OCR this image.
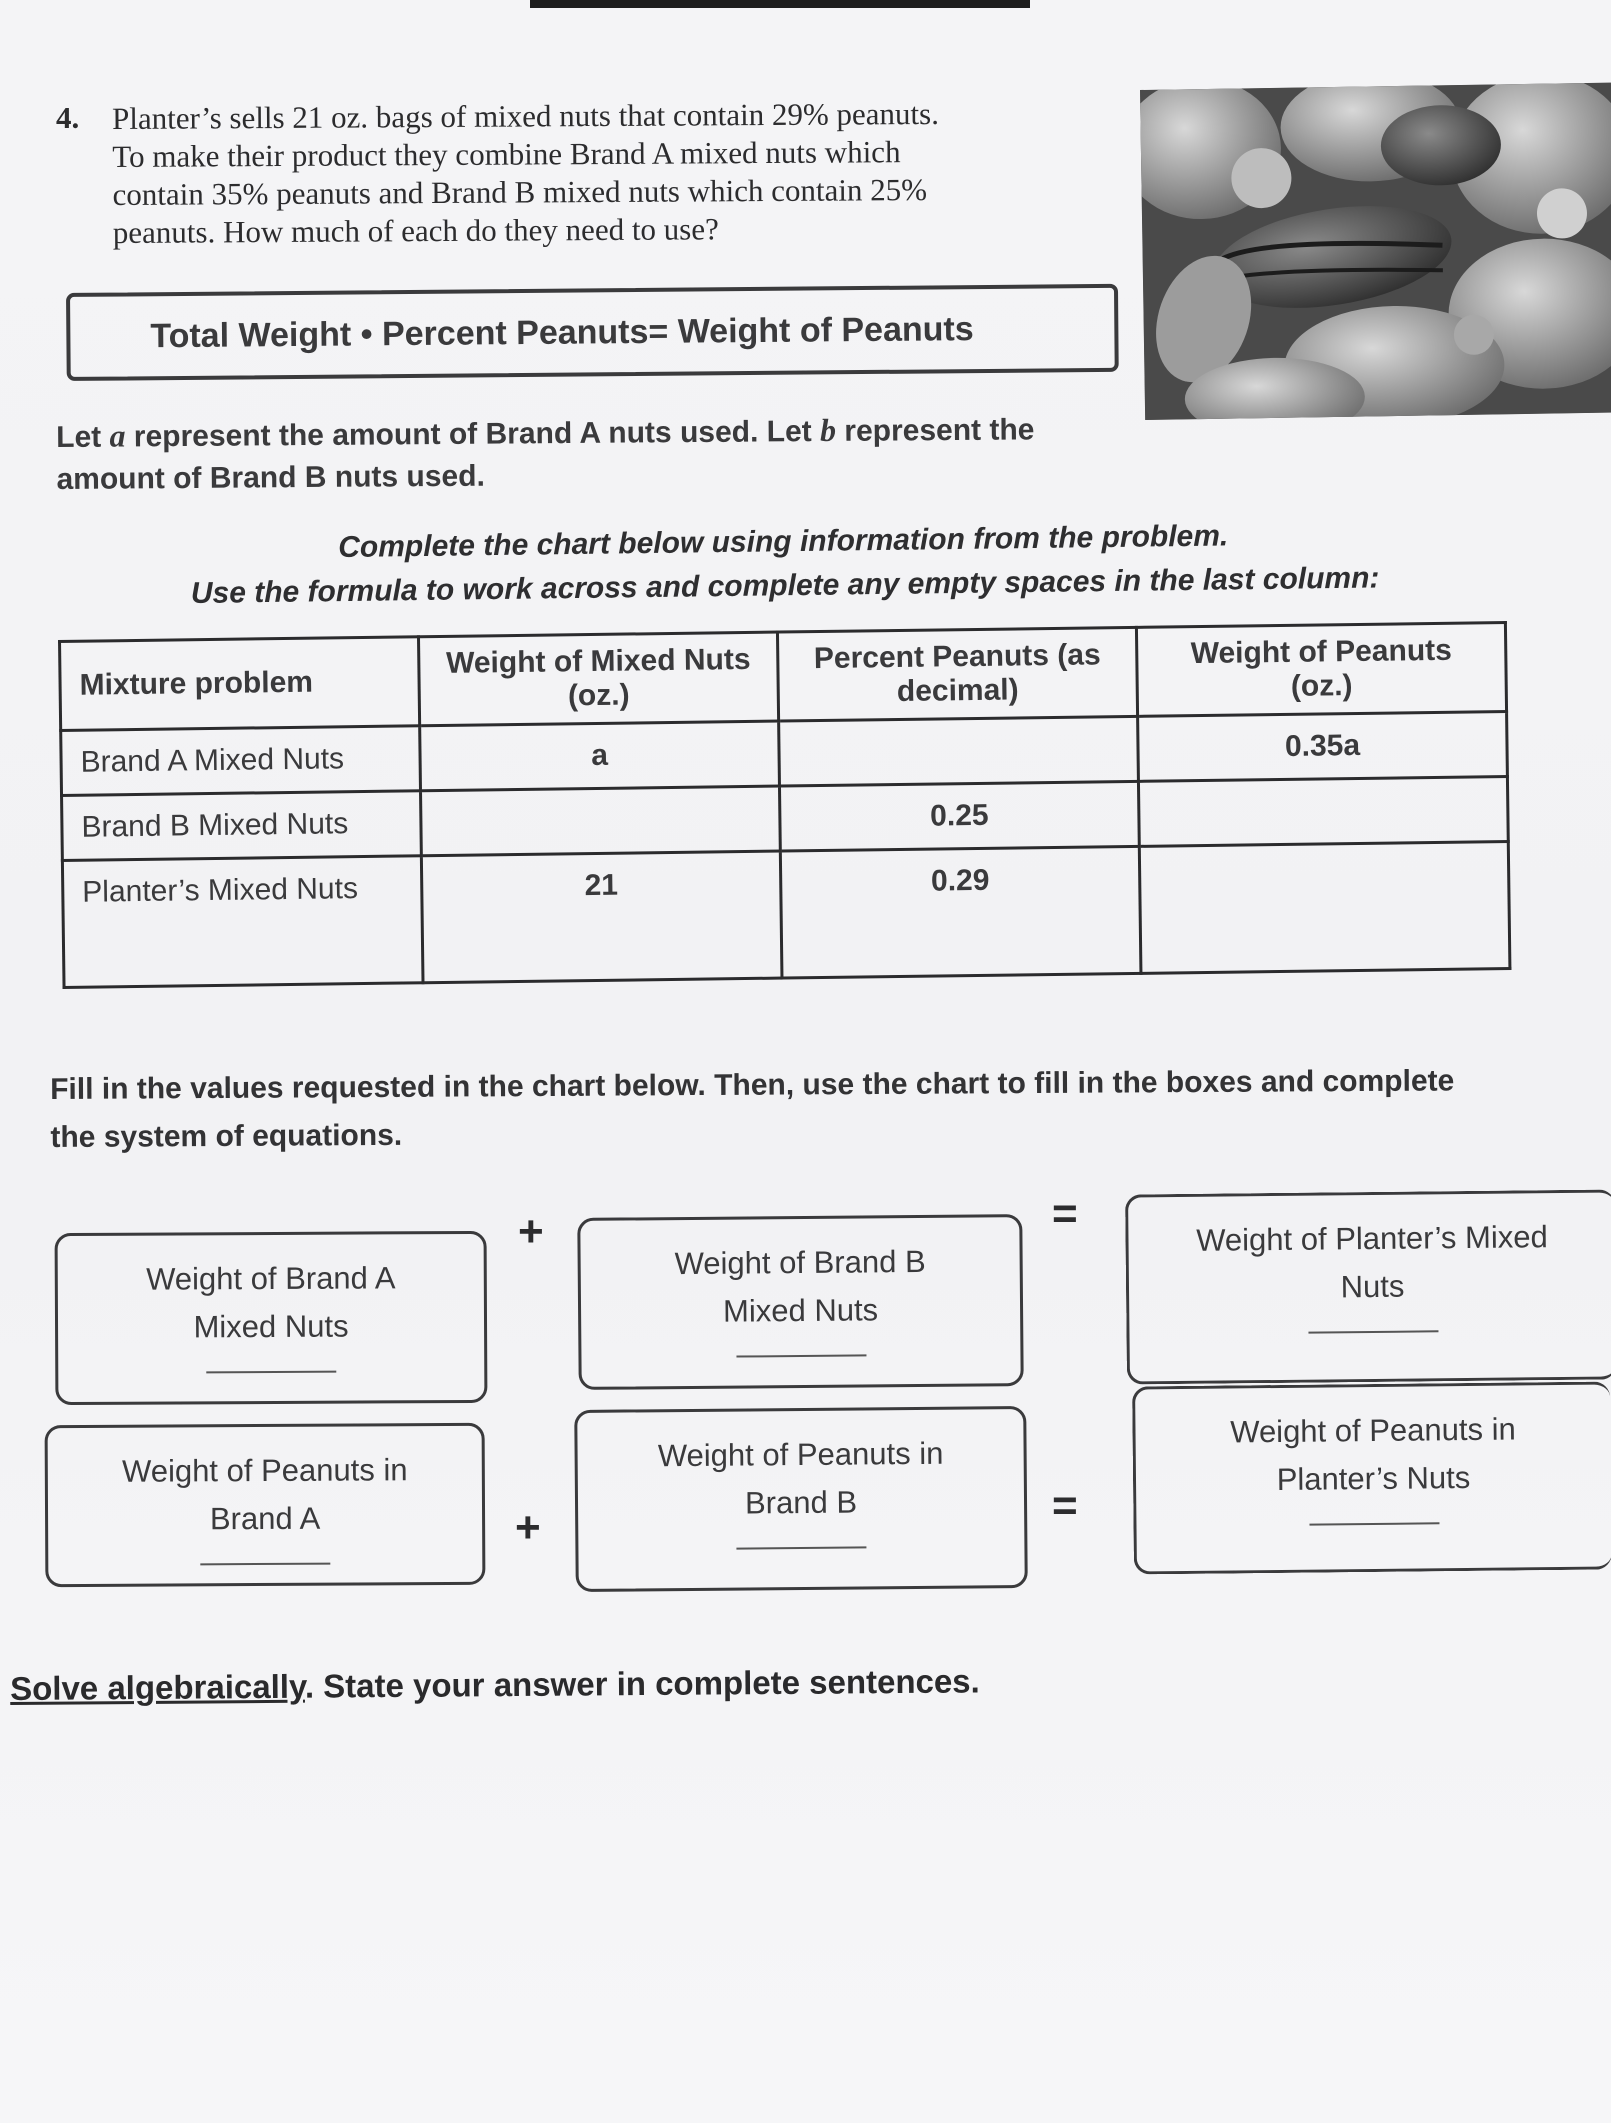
4. Planter’s sells 21 oz. bags of mixed nuts that contain 29% peanuts.
To make their product they combine Brand A mixed nuts which
contain 35% peanuts and Brand B mixed nuts which contain 25%
peanuts. How much of each do they need to use?
Total Weight • Percent Peanuts= Weight of Peanuts
Let a represent the amount of Brand A nuts used. Let b represent the
amount of Brand B nuts used.
Complete the chart below using information from the problem.
Use the formula to work across and complete any empty spaces in the last column:
Mixture problem	Weight of Mixed Nuts (oz.)	Percent Peanuts (as decimal)	Weight of Peanuts (oz.)
Brand A Mixed Nuts	a		0.35a
Brand B Mixed Nuts		0.25	
Planter’s Mixed Nuts	21	0.29	
Fill in the values requested in the chart below. Then, use the chart to fill in the boxes and complete
the system of equations.
Weight of Brand A
Mixed Nuts
+
Weight of Brand B
Mixed Nuts
=
Weight of Planter’s Mixed
Nuts
Weight of Peanuts in
Brand A	+
Weight of Peanuts in
Brand B	=
Weight of Peanuts in
Planter’s Nuts
Solve algebraically. State your answer in complete sentences.
